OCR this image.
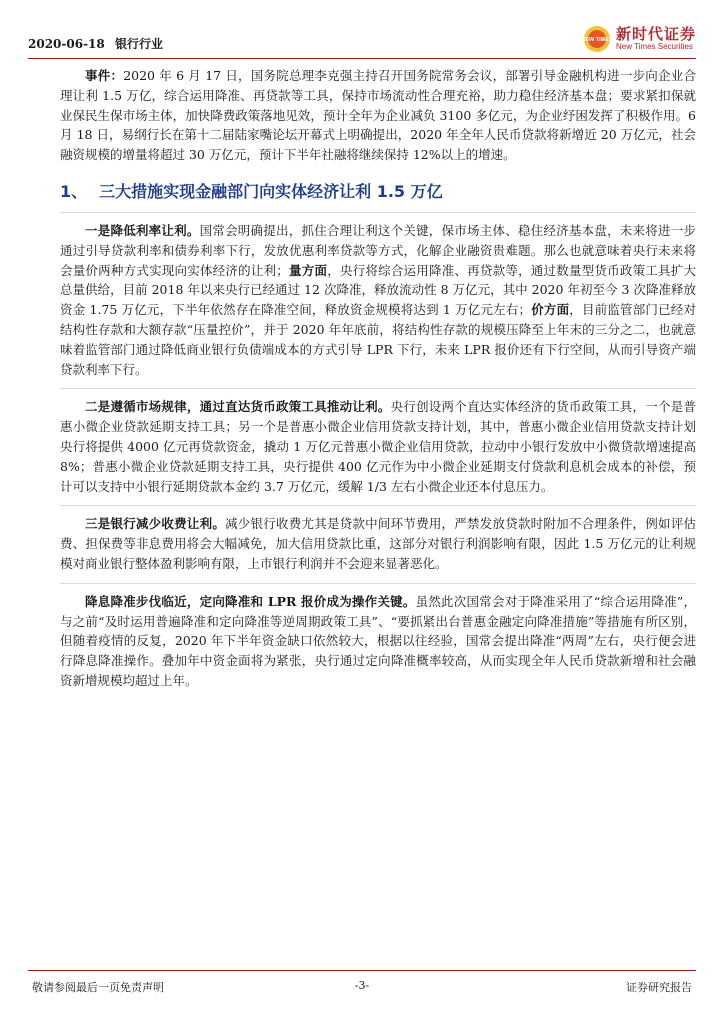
2020-06-18 银行行业	NEW TIMES 新时代证券
New Times Securities

事件：2020 年 6 月 17 日，国务院总理李克强主持召开国务院常务会议，部署引导金融机构进一步向企业合理让利 1.5 万亿，综合运用降准、再贷款等工具，保持市场流动性合理充裕，助力稳住经济基本盘；要求紧扣保就业保民生保市场主体，加快降费政策落地见效，预计全年为企业减负 3100 多亿元，为企业纾困发挥了积极作用。6 月 18 日，易纲行长在第十二届陆家嘴论坛开幕式上明确提出，2020 年全年人民币贷款将新增近 20 万亿元，社会融资规模的增量将超过 30 万亿元，预计下半年社融将继续保持 12%以上的增速。

1、 三大措施实现金融部门向实体经济让利 1.5 万亿

一是降低利率让利。国常会明确提出，抓住合理让利这个关键，保市场主体、稳住经济基本盘，未来将进一步通过引导贷款利率和债券利率下行，发放优惠利率贷款等方式，化解企业融资贵难题。那么也就意味着央行未来将会量价两种方式实现向实体经济的让利；量方面，央行将综合运用降准、再贷款等，通过数量型货币政策工具扩大总量供给，目前 2018 年以来央行已经通过 12 次降准，释放流动性 8 万亿元，其中 2020 年初至今 3 次降准释放资金 1.75 万亿元，下半年依然存在降准空间，释放资金规模将达到 1 万亿元左右；价方面，目前监管部门已经对结构性存款和大额存款“压量控价”，并于 2020 年年底前，将结构性存款的规模压降至上年末的三分之二，也就意味着监管部门通过降低商业银行负债端成本的方式引导 LPR 下行，未来 LPR 报价还有下行空间，从而引导资产端贷款利率下行。

二是遵循市场规律，通过直达货币政策工具推动让利。央行创设两个直达实体经济的货币政策工具，一个是普惠小微企业贷款延期支持工具；另一个是普惠小微企业信用贷款支持计划，其中，普惠小微企业信用贷款支持计划央行将提供 4000 亿元再贷款资金，撬动 1 万亿元普惠小微企业信用贷款，拉动中小银行发放中小微贷款增速提高 8%；普惠小微企业贷款延期支持工具，央行提供 400 亿元作为中小微企业延期支付贷款利息机会成本的补偿，预计可以支持中小银行延期贷款本金约 3.7 万亿元，缓解 1/3 左右小微企业还本付息压力。

三是银行减少收费让利。减少银行收费尤其是贷款中间环节费用，严禁发放贷款时附加不合理条件，例如评估费、担保费等非息费用将会大幅减免，加大信用贷款比重，这部分对银行利润影响有限，因此 1.5 万亿元的让利规模对商业银行整体盈利影响有限，上市银行利润并不会迎来显著恶化。

降息降准步伐临近，定向降准和 LPR 报价成为操作关键。虽然此次国常会对于降准采用了“综合运用降准”，与之前“及时运用普遍降准和定向降准等逆周期政策工具”、“要抓紧出台普惠金融定向降准措施”等措施有所区别，但随着疫情的反复，2020 年下半年资金缺口依然较大，根据以往经验，国常会提出降准“两周”左右，央行便会进行降息降准操作。叠加年中资金面将为紧张，央行通过定向降准概率较高，从而实现全年人民币贷款新增和社会融资新增规模均超过上年。

敬请参阅最后一页免责声明	-3-	证券研究报告
